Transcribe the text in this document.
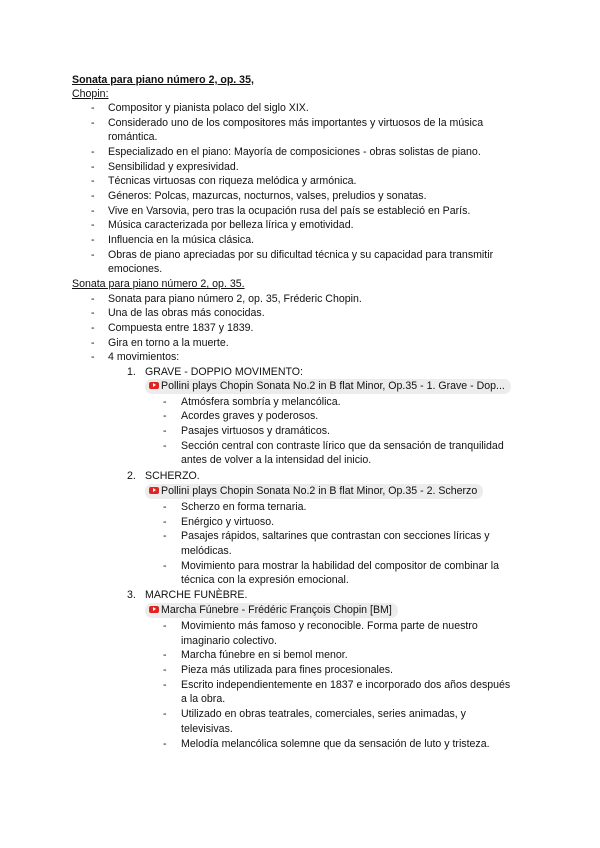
Sonata para piano número 2, op. 35,
Chopin:
- Compositor y pianista polaco del siglo XIX.
- Considerado uno de los compositores más importantes y virtuosos de la música
romántica.
- Especializado en el piano: Mayoría de composiciones - obras solistas de piano.
- Sensibilidad y expresividad.
- Técnicas virtuosas con riqueza melódica y armónica.
- Géneros: Polcas, mazurcas, nocturnos, valses, preludios y sonatas.
- Vive en Varsovia, pero tras la ocupación rusa del país se estableció en París.
- Música caracterizada por belleza lírica y emotividad.
- Influencia en la música clásica.
- Obras de piano apreciadas por su dificultad técnica y su capacidad para transmitir
emociones.
Sonata para piano número 2, op. 35.
- Sonata para piano número 2, op. 35, Fréderic Chopin.
- Una de las obras más conocidas.
- Compuesta entre 1837 y 1839.
- Gira en torno a la muerte.
- 4 movimientos:
1. GRAVE - DOPPIO MOVIMENTO:
Pollini plays Chopin Sonata No.2 in B flat Minor, Op.35 - 1. Grave - Dop...
- Atmósfera sombría y melancólica.
- Acordes graves y poderosos.
- Pasajes virtuosos y dramáticos.
- Sección central con contraste lírico que da sensación de tranquilidad
antes de volver a la intensidad del inicio.
2. SCHERZO.
Pollini plays Chopin Sonata No.2 in B flat Minor, Op.35 - 2. Scherzo
- Scherzo en forma ternaria.
- Enérgico y virtuoso.
- Pasajes rápidos, saltarines que contrastan con secciones líricas y
melódicas.
- Movimiento para mostrar la habilidad del compositor de combinar la
técnica con la expresión emocional.
3. MARCHE FUNÈBRE.
Marcha Fúnebre - Frédéric François Chopin [BM]
- Movimiento más famoso y reconocible. Forma parte de nuestro
imaginario colectivo.
- Marcha fúnebre en si bemol menor.
- Pieza más utilizada para fines procesionales.
- Escrito independientemente en 1837 e incorporado dos años después
a la obra.
- Utilizado en obras teatrales, comerciales, series animadas, y
televisivas.
- Melodía melancólica solemne que da sensación de luto y tristeza.
